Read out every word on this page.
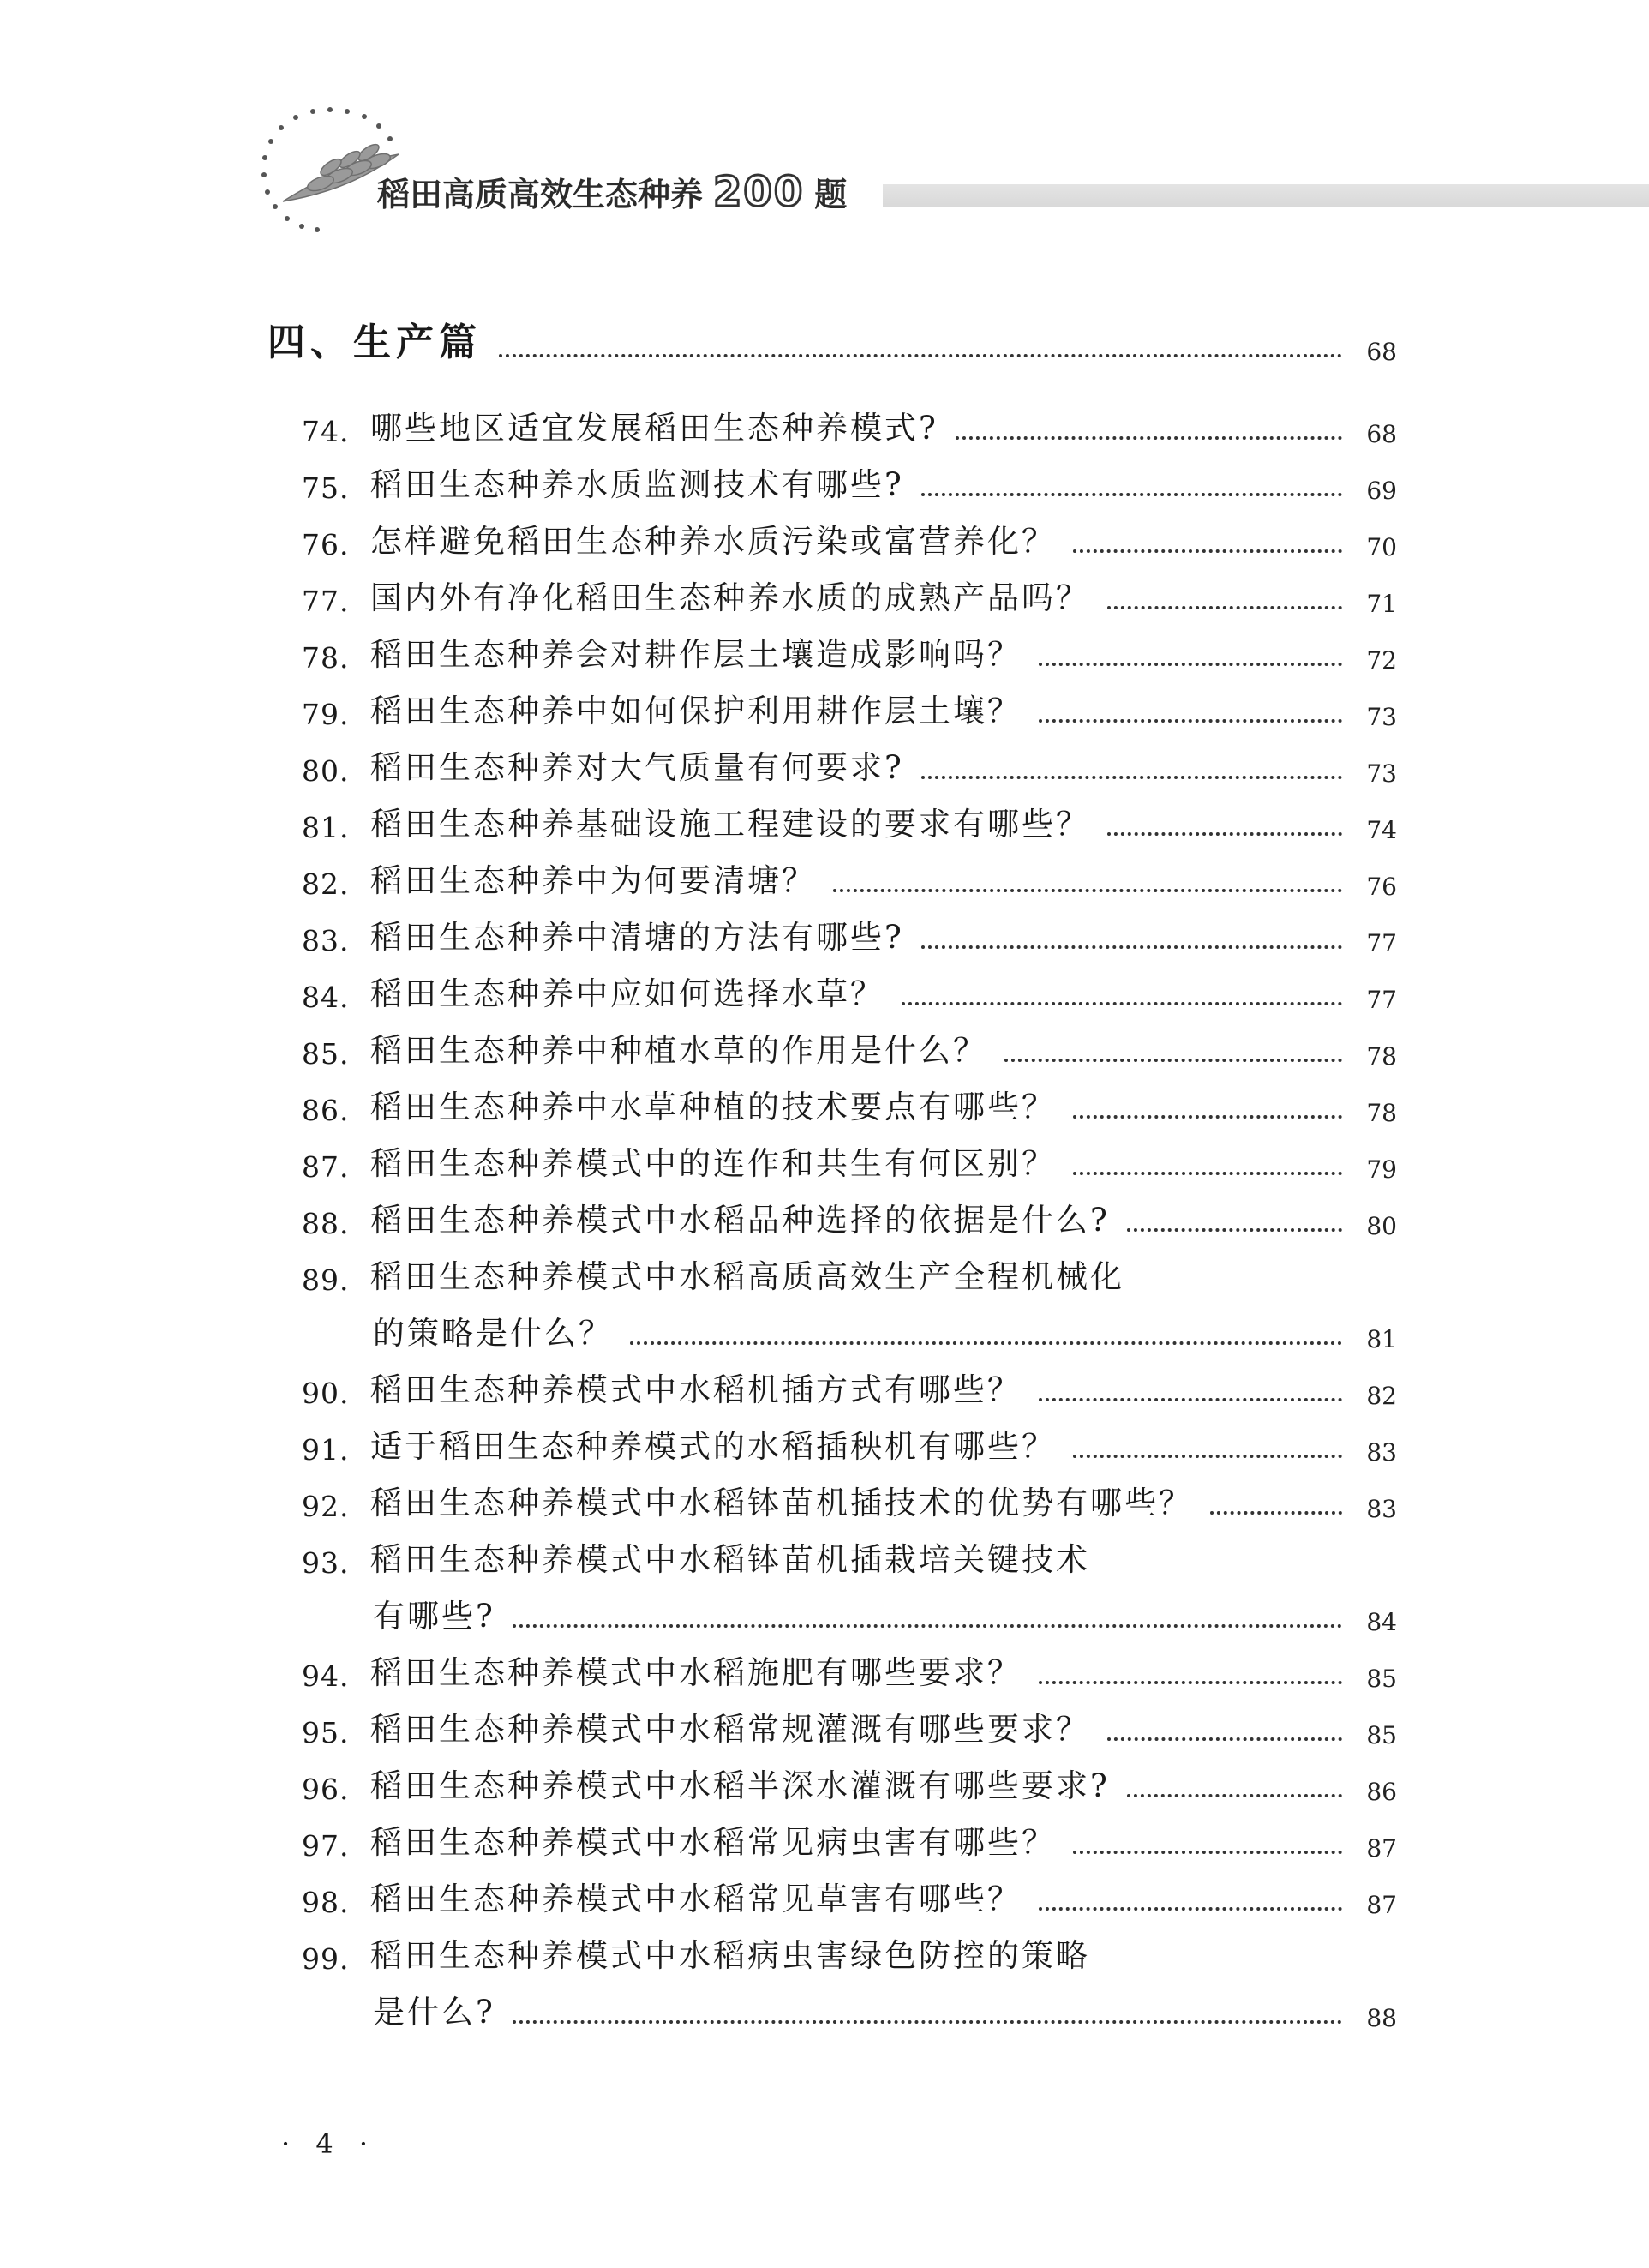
稻田高质高效生态种养 200 题
四、生产篇	68
74. 哪些地区适宜发展稻田生态种养模式?	68
75. 稻田生态种养水质监测技术有哪些?	69
76. 怎样避免稻田生态种养水质污染或富营养化？	70
77. 国内外有净化稻田生态种养水质的成熟产品吗？	71
78. 稻田生态种养会对耕作层土壤造成影响吗？	72
79. 稻田生态种养中如何保护利用耕作层土壤？	73
80. 稻田生态种养对大气质量有何要求?	73
81. 稻田生态种养基础设施工程建设的要求有哪些？	74
82. 稻田生态种养中为何要清塘？	76
83. 稻田生态种养中清塘的方法有哪些?	77
84. 稻田生态种养中应如何选择水草？	77
85. 稻田生态种养中种植水草的作用是什么？	78
86. 稻田生态种养中水草种植的技术要点有哪些？	78
87. 稻田生态种养模式中的连作和共生有何区别？	79
88. 稻田生态种养模式中水稻品种选择的依据是什么?	80
89. 稻田生态种养模式中水稻高质高效生产全程机械化
的策略是什么？	81
90. 稻田生态种养模式中水稻机插方式有哪些？	82
91. 适于稻田生态种养模式的水稻插秧机有哪些？	83
92. 稻田生态种养模式中水稻钵苗机插技术的优势有哪些？	83
93. 稻田生态种养模式中水稻钵苗机插栽培关键技术
有哪些?	84
94. 稻田生态种养模式中水稻施肥有哪些要求？	85
95. 稻田生态种养模式中水稻常规灌溉有哪些要求？	85
96. 稻田生态种养模式中水稻半深水灌溉有哪些要求?	86
97. 稻田生态种养模式中水稻常见病虫害有哪些？	87
98. 稻田生态种养模式中水稻常见草害有哪些？	87
99. 稻田生态种养模式中水稻病虫害绿色防控的策略
是什么?	88
· 4 ·
